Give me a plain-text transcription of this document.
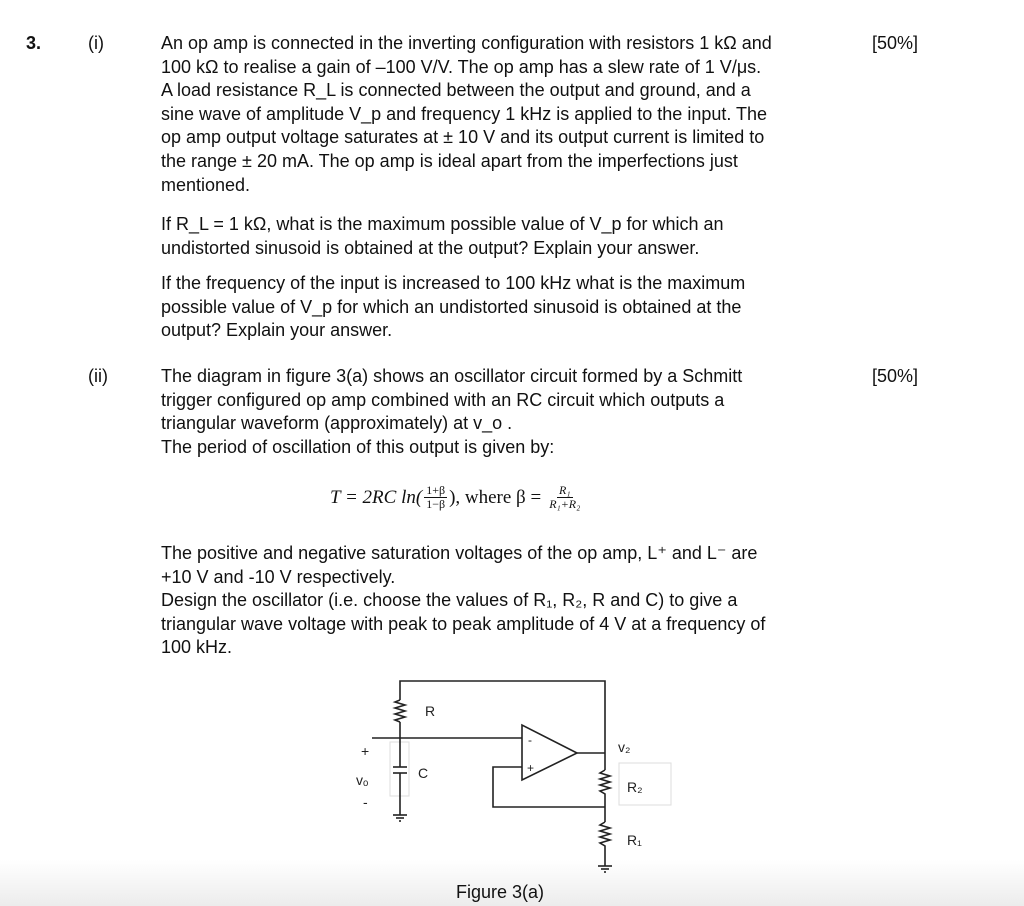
3.	(i)	[50%]
An op amp is connected in the inverting configuration with resistors 1 kΩ and
100 kΩ to realise a gain of –100 V/V. The op amp has a slew rate of 1 V/μs.
A load resistance R_L is connected between the output and ground, and a
sine wave of amplitude V_p and frequency 1 kHz is applied to the input. The
op amp output voltage saturates at ± 10 V and its output current is limited to
the range ± 20 mA. The op amp is ideal apart from the imperfections just
mentioned.
If R_L = 1 kΩ, what is the maximum possible value of V_p for which an
undistorted sinusoid is obtained at the output? Explain your answer.
If the frequency of the input is increased to 100 kHz what is the maximum
possible value of V_p for which an undistorted sinusoid is obtained at the
output? Explain your answer.
(ii)	[50%]
The diagram in figure 3(a) shows an oscillator circuit formed by a Schmitt
trigger configured op amp combined with an RC circuit which outputs a
triangular waveform (approximately) at v_o .
The period of oscillation of this output is given by:
T = 2RC $\ln( \frac{1+\beta}{1-\beta}$ ), where $\beta = \frac{\text{R₁}}{\text{R₁+R₂}}$
The positive and negative saturation voltages of the op amp, L⁺ and L⁻ are
+10 V and -10 V respectively.
Design the oscillator (i.e. choose the values of R₁, R₂, R and C) to give a
triangular wave voltage with peak to peak amplitude of 4 V at a frequency of
100 kHz.
R
C
+
vₒ
-
-
+
v₂
R₂
R₁
Figure 3(a)
